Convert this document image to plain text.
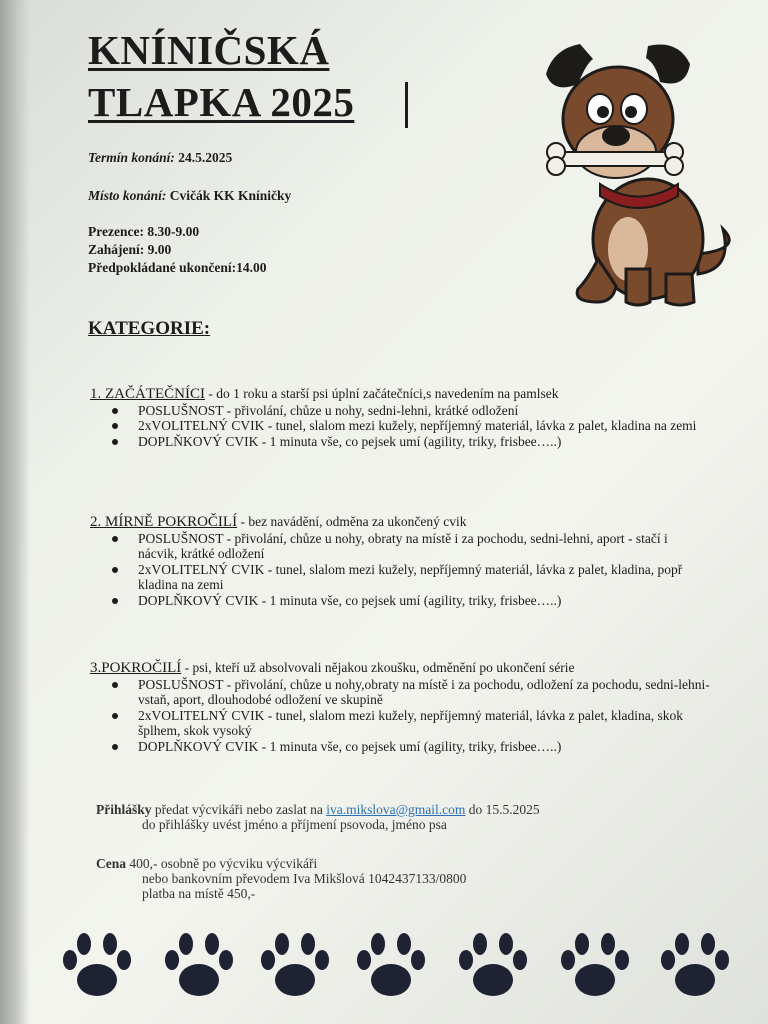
KNÍNIČSKÁ
TLAPKA 2025
Termín konání: 24.5.2025
Místo konání: Cvičák KK Kníničky
Prezence: 8.30-9.00
Zahájení: 9.00
Předpokládané ukončení:14.00
KATEGORIE:
1. ZAČÁTEČNÍCI - do 1 roku a starší psi úplní začátečníci,s navedením na pamlsek
POSLUŠNOST - přivolání, chůze u nohy, sedni-lehni, krátké odložení
2xVOLITELNÝ CVIK - tunel, slalom mezi kužely, nepříjemný materiál, lávka z palet, kladina na zemi
DOPLŇKOVÝ CVIK - 1 minuta vše, co pejsek umí (agility, triky, frisbee…..)
2. MÍRNĚ POKROČILÍ - bez navádění, odměna za ukončený cvik
POSLUŠNOST - přivolání, chůze u nohy, obraty na místě i za pochodu, sedni-lehni, aport - stačí i nácvik, krátké odložení
2xVOLITELNÝ CVIK - tunel, slalom mezi kužely, nepříjemný materiál, lávka z palet, kladina, popř kladina na zemi
DOPLŇKOVÝ CVIK - 1 minuta vše, co pejsek umí (agility, triky, frisbee…..)
3.POKROČILÍ - psi, kteří už absolvovali nějakou zkoušku, odměnění po ukončení série
POSLUŠNOST - přivolání, chůze u nohy,obraty na místě i za pochodu, odložení za pochodu, sedni-lehni-vstaň, aport, dlouhodobé odložení ve skupině
2xVOLITELNÝ CVIK - tunel, slalom mezi kužely, nepříjemný materiál, lávka z palet, kladina, skok šplhem, skok vysoký
DOPLŇKOVÝ CVIK - 1 minuta vše, co pejsek umí (agility, triky, frisbee…..)
Přihlášky předat výcvikáři nebo zaslat na iva.mikslova@gmail.com do 15.5.2025
do přihlášky uvést jméno a příjmení psovoda, jméno psa
Cena 400,- osobně po výcviku výcvikáři
nebo bankovním převodem Iva Mikšlová 1042437133/0800
platba na místě 450,-
